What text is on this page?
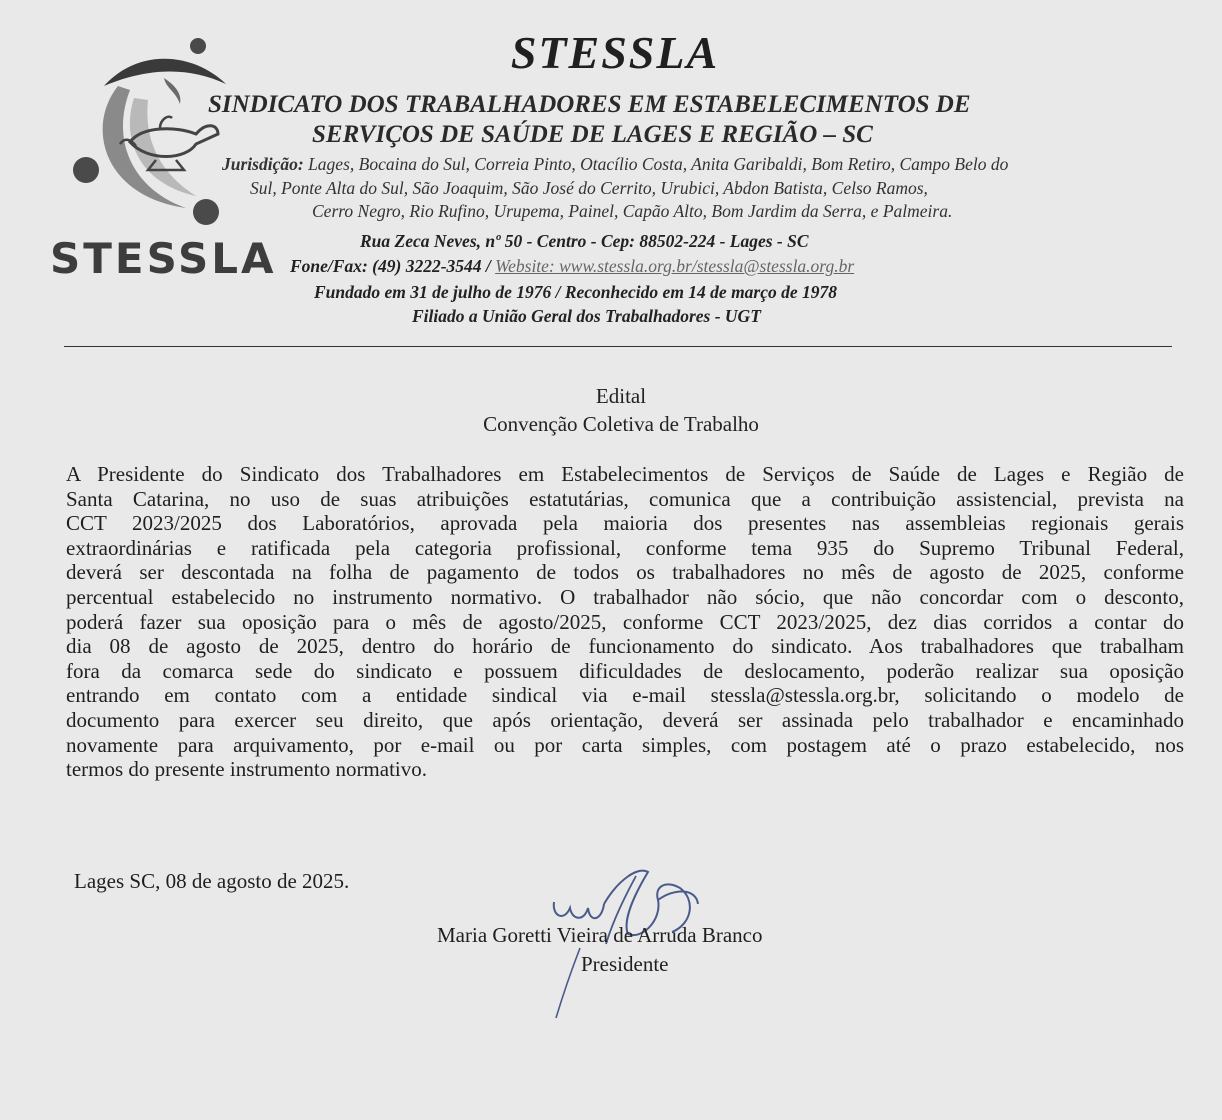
STESSLA
STESSLA
SINDICATO DOS TRABALHADORES EM ESTABELECIMENTOS DE
SERVIÇOS DE SAÚDE DE LAGES E REGIÃO – SC
Jurisdição: Lages, Bocaina do Sul, Correia Pinto, Otacílio Costa, Anita Garibaldi, Bom Retiro, Campo Belo do
Sul, Ponte Alta do Sul, São Joaquim, São José do Cerrito, Urubici, Abdon Batista, Celso Ramos,
Cerro Negro, Rio Rufino, Urupema, Painel, Capão Alto, Bom Jardim da Serra, e Palmeira.
Rua Zeca Neves, nº 50 - Centro - Cep: 88502-224 - Lages - SC
Fone/Fax: (49) 3222-3544 / Website: www.stessla.org.br/stessla@stessla.org.br
Fundado em 31 de julho de 1976 / Reconhecido em 14 de março de 1978
Filiado a União Geral dos Trabalhadores - UGT
Edital
Convenção Coletiva de Trabalho
A Presidente do Sindicato dos Trabalhadores em Estabelecimentos de Serviços de Saúde de Lages e Região de
Santa Catarina, no uso de suas atribuições estatutárias, comunica que a contribuição assistencial, prevista na
CCT 2023/2025 dos Laboratórios, aprovada pela maioria dos presentes nas assembleias regionais gerais
extraordinárias e ratificada pela categoria profissional, conforme tema 935 do Supremo Tribunal Federal,
deverá ser descontada na folha de pagamento de todos os trabalhadores no mês de agosto de 2025, conforme
percentual estabelecido no instrumento normativo. O trabalhador não sócio, que não concordar com o desconto,
poderá fazer sua oposição para o mês de agosto/2025, conforme CCT 2023/2025, dez dias corridos a contar do
dia 08 de agosto de 2025, dentro do horário de funcionamento do sindicato. Aos trabalhadores que trabalham
fora da comarca sede do sindicato e possuem dificuldades de deslocamento, poderão realizar sua oposição
entrando em contato com a entidade sindical via e-mail stessla@stessla.org.br, solicitando o modelo de
documento para exercer seu direito, que após orientação, deverá ser assinada pelo trabalhador e encaminhado
novamente para arquivamento, por e-mail ou por carta simples, com postagem até o prazo estabelecido, nos
termos do presente instrumento normativo.
Lages SC, 08 de agosto de 2025.
Maria Goretti Vieira de Arruda Branco
Presidente
